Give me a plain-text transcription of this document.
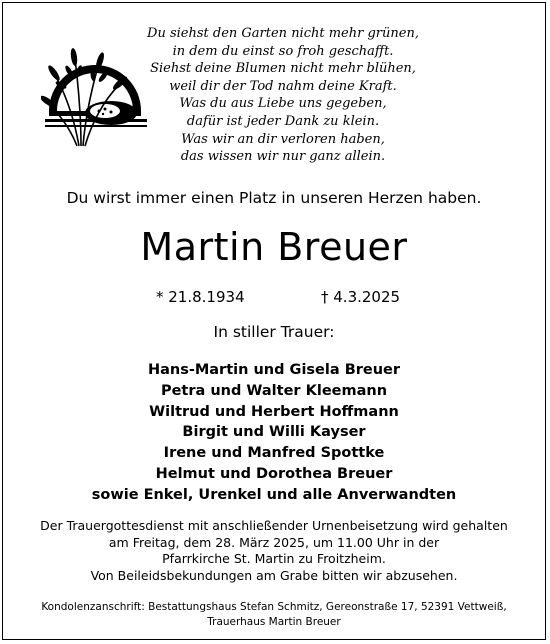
Du siehst den Garten nicht mehr grünen,
in dem du einst so froh geschafft.
Siehst deine Blumen nicht mehr blühen,
weil dir der Tod nahm deine Kraft.
Was du aus Liebe uns gegeben,
dafür ist jeder Dank zu klein.
Was wir an dir verloren haben,
das wissen wir nur ganz allein.
Du wirst immer einen Platz in unseren Herzen haben.
Martin Breuer
* 21.8.1934	† 4.3.2025
In stiller Trauer:
Hans-Martin und Gisela Breuer
Petra und Walter Kleemann
Wiltrud und Herbert Hoffmann
Birgit und Willi Kayser
Irene und Manfred Spottke
Helmut und Dorothea Breuer
sowie Enkel, Urenkel und alle Anverwandten
Der Trauergottesdienst mit anschließender Urnenbeisetzung wird gehalten
am Freitag, dem 28. März 2025, um 11.00 Uhr in der
Pfarrkirche St. Martin zu Froitzheim.
Von Beileidsbekundungen am Grabe bitten wir abzusehen.
Kondolenzanschrift: Bestattungshaus Stefan Schmitz, Gereonstraße 17, 52391 Vettweiß,
Trauerhaus Martin Breuer
